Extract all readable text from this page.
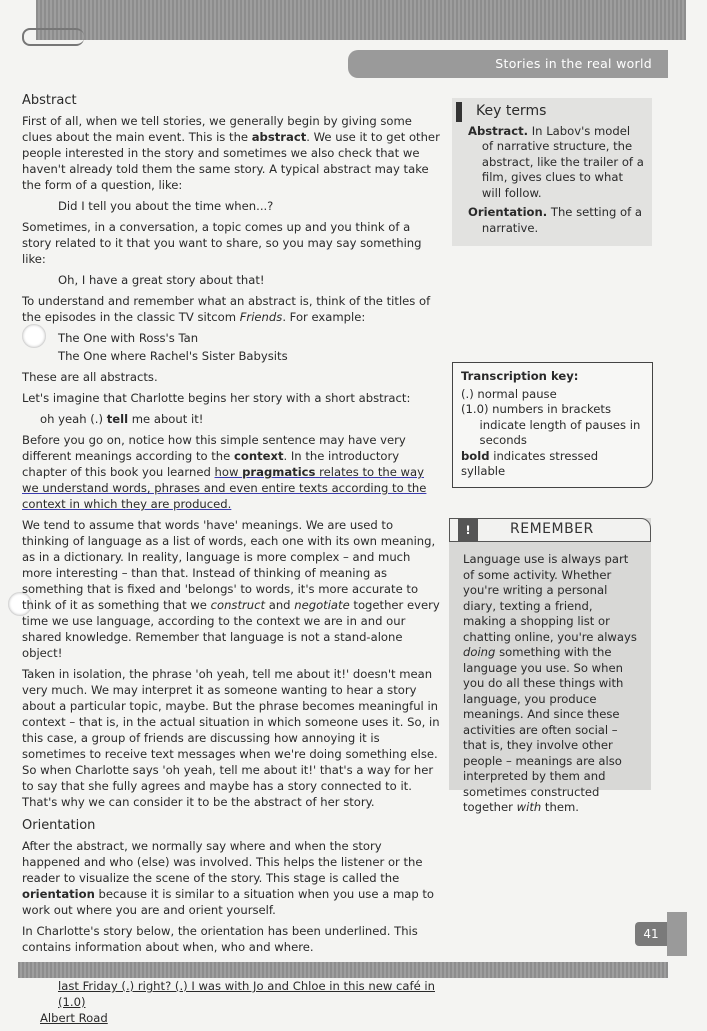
Stories in the real world
Abstract

First of all, when we tell stories, we generally begin by giving some clues about the main event. This is the abstract. We use it to get other people interested in the story and sometimes we also check that we haven't already told them the same story. A typical abstract may take the form of a question, like:

Did I tell you about the time when...?

Sometimes, in a conversation, a topic comes up and you think of a story related to it that you want to share, so you may say something like:

Oh, I have a great story about that!

To understand and remember what an abstract is, think of the titles of the episodes in the classic TV sitcom Friends. For example:

The One with Ross's Tan

The One where Rachel's Sister Babysits

These are all abstracts.

Let's imagine that Charlotte begins her story with a short abstract:

oh yeah (.) tell me about it!

Before you go on, notice how this simple sentence may have very different meanings according to the context. In the introductory chapter of this book you learned how pragmatics relates to the way we understand words, phrases and even entire texts according to the context in which they are produced.

We tend to assume that words 'have' meanings. We are used to thinking of language as a list of words, each one with its own meaning, as in a dictionary. In reality, language is more complex – and much more interesting – than that. Instead of thinking of meaning as something that is fixed and 'belongs' to words, it's more accurate to think of it as something that we construct and negotiate together every time we use language, according to the context we are in and our shared knowledge. Remember that language is not a stand-alone object!

Taken in isolation, the phrase 'oh yeah, tell me about it!' doesn't mean very much. We may interpret it as someone wanting to hear a story about a particular topic, maybe. But the phrase becomes meaningful in context – that is, in the actual situation in which someone uses it. So, in this case, a group of friends are discussing how annoying it is sometimes to receive text messages when we're doing something else. So when Charlotte says 'oh yeah, tell me about it!' that's a way for her to say that she fully agrees and maybe has a story connected to it. That's why we can consider it to be the abstract of her story.

Orientation

After the abstract, we normally say where and when the story happened and who (else) was involved. This helps the listener or the reader to visualize the scene of the story. This stage is called the orientation because it is similar to a situation when you use a map to work out where you are and orient yourself.

In Charlotte's story below, the orientation has been underlined. This contains information about when, who and where.

last Friday (.) right? (.) I was with Jo and Chloe in this new café in (1.0)

Albert Road

Key terms
Abstract. In Labov's model of narrative structure, the abstract, like the trailer of a film, gives clues to what will follow.
Orientation. The setting of a narrative.
Transcription key:
(.) normal pause
(1.0) numbers in brackets indicate length of pauses in seconds
bold indicates stressed syllable
!	REMEMBER
Language use is always part of some activity. Whether you're writing a personal diary, texting a friend, making a shopping list or chatting online, you're always doing something with the language you use. So when you do all these things with language, you produce meanings. And since these activities are often social – that is, they involve other people – meanings are also interpreted by them and sometimes constructed together with them.
41
